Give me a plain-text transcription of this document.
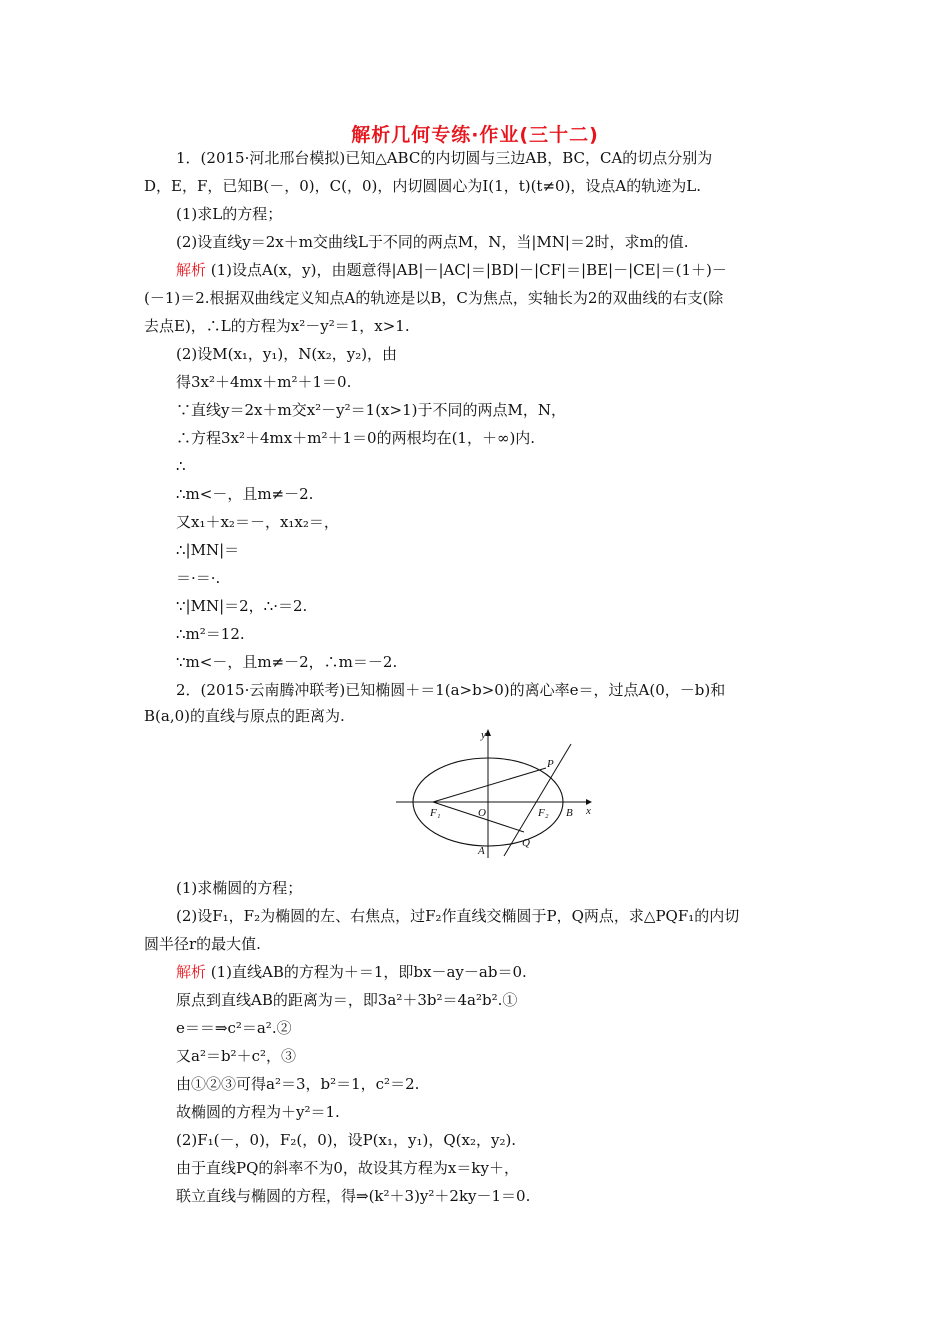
解析几何专练·作业(三十二)
1．(2015·河北邢台模拟)已知△ABC的内切圆与三边AB，BC，CA的切点分别为
D，E，F，已知B(－，0)，C(，0)，内切圆圆心为I(1，t)(t≠0)，设点A的轨迹为L.
(1)求L的方程；
(2)设直线y＝2x＋m交曲线L于不同的两点M，N，当|MN|＝2时，求m的值.
解析 (1)设点A(x，y)，由题意得|AB|－|AC|＝|BD|－|CF|＝|BE|－|CE|＝(1＋)－
(－1)＝2.根据双曲线定义知点A的轨迹是以B，C为焦点，实轴长为2的双曲线的右支(除
去点E)，∴L的方程为x²－y²＝1，x>1.
(2)设M(x₁，y₁)，N(x₂，y₂)，由
得3x²＋4mx＋m²＋1＝0.
∵直线y＝2x＋m交x²－y²＝1(x>1)于不同的两点M，N，
∴方程3x²＋4mx＋m²＋1＝0的两根均在(1，＋∞)内.
∴
∴m<－，且m≠－2.
又x₁＋x₂＝－，x₁x₂＝，
∴|MN|＝
＝·＝·.
∵|MN|＝2，∴·＝2.
∴m²＝12.
∵m<－，且m≠－2，∴m＝－2.
2．(2015·云南腾冲联考)已知椭圆＋＝1(a>b>0)的离心率e＝，过点A(0，－b)和
B(a,0)的直线与原点的距离为.
y
x
O
F₁	F₂ B
P
Q
A
(1)求椭圆的方程；
(2)设F₁，F₂为椭圆的左、右焦点，过F₂作直线交椭圆于P，Q两点，求△PQF₁的内切
圆半径r的最大值.
解析 (1)直线AB的方程为＋＝1，即bx－ay－ab＝0.
原点到直线AB的距离为＝，即3a²＋3b²＝4a²b².①
e＝＝⇒c²＝a².②
又a²＝b²＋c²，③
由①②③可得a²＝3，b²＝1，c²＝2.
故椭圆的方程为＋y²＝1.
(2)F₁(－，0)，F₂(，0)，设P(x₁，y₁)，Q(x₂，y₂).
由于直线PQ的斜率不为0，故设其方程为x＝ky＋，
联立直线与椭圆的方程，得⇒(k²＋3)y²＋2ky－1＝0.
